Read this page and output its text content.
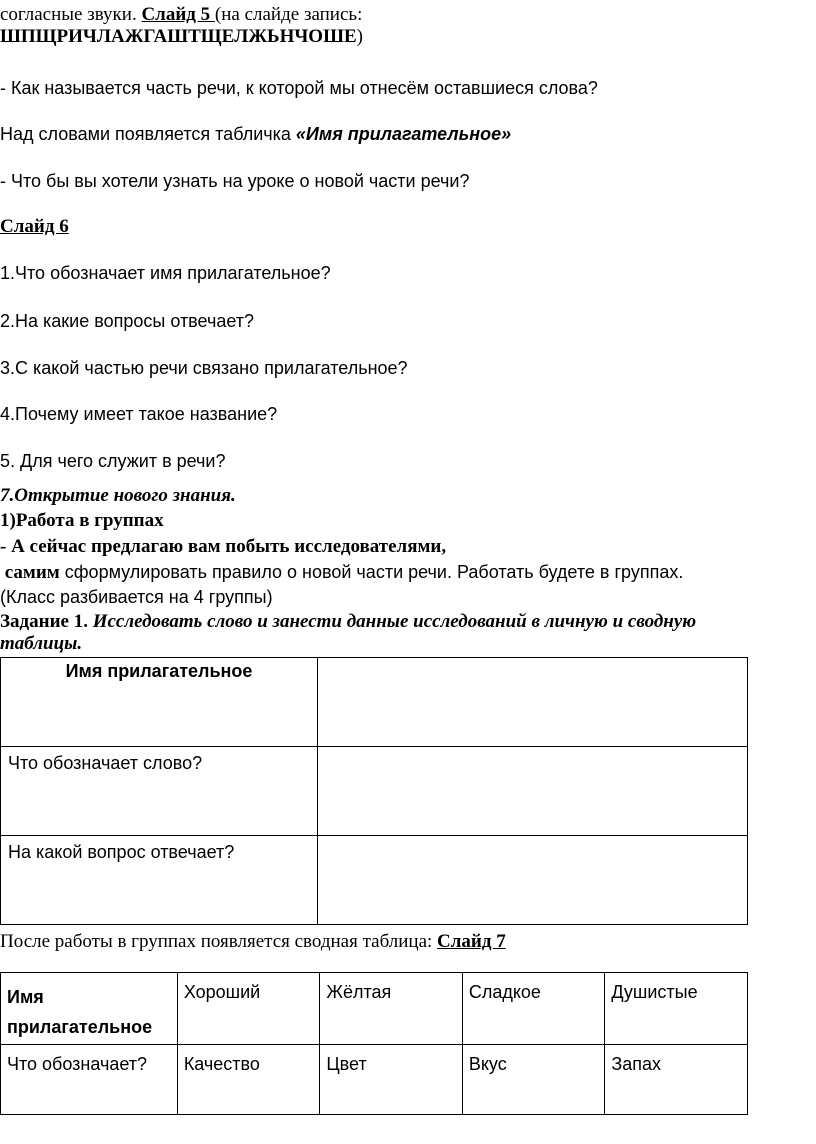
согласные звуки. Слайд 5 (на слайде запись:
ШПЩРИЧЛАЖГАШТЩЕЛЖЬНЧОШЕ)
- Как называется часть речи, к которой мы отнесём оставшиеся слова?
Над словами появляется табличка «Имя прилагательное»
- Что бы вы хотели узнать на уроке о новой части речи?
Слайд 6
1.Что обозначает имя прилагательное?
2.На какие вопросы отвечает?
3.С какой частью речи связано прилагательное?
4.Почему имеет такое название?
5. Для чего служит в речи?
7.Открытие нового знания.
1)Работа в группах
- А сейчас предлагаю вам побыть исследователями,
самим сформулировать правило о новой части речи. Работать будете в группах.
(Класс разбивается на 4 группы)
Задание 1. Исследовать слово и занести данные исследований в личную и сводную
таблицы.
Имя прилагательное	

Что обозначает слово?	

На какой вопрос отвечает?	

После работы в группах появляется сводная таблица: Слайд 7
Имя прилагательное	Хороший	Жёлтая	Сладкое	Душистые
Что обозначает?	Качество	Цвет	Вкус	Запах
